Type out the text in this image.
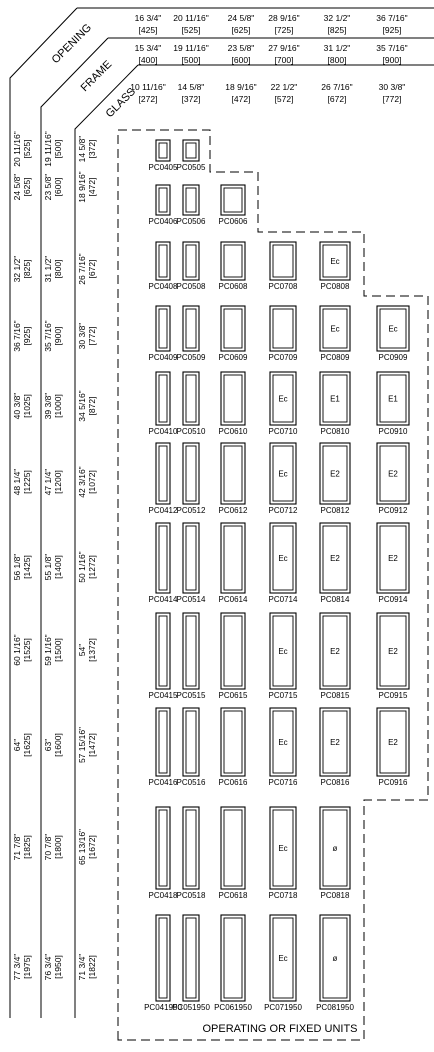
OPENING
FRAME
GLASS
16 3/4"
[425]
15 3/4"
[400]
10 11/16"
[272]
20 11/16"
[525]
19 11/16"
[500]
14 5/8"
[372]
24 5/8"
[625]
23 5/8"
[600]
18 9/16"
[472]
28 9/16"
[725]
27 9/16"
[700]
22 1/2"
[572]
32 1/2"
[825]
31 1/2"
[800]
26 7/16"
[672]
36 7/16"
[925]
35 7/16"
[900]
30 3/8"
[772]
20 11/16" [525] 19 11/16" [500] 14 5/8" [372]
24 5/8" [625] 23 5/8" [600] 18 9/16" [472]
32 1/2" [825] 31 1/2" [800] 26 7/16" [672]
36 7/16" [925] 35 7/16" [900] 30 3/8" [772]
40 3/8" [1025] 39 3/8" [1000] 34 5/16" [872]
48 1/4" [1225] 47 1/4" [1200] 42 3/16" [1072]
56 1/8" [1425] 55 1/8" [1400] 50 1/16" [1272]
60 1/16" [1525] 59 1/16" [1500] 54" [1372]
64" [1625] 63" [1600] 57 15/16" [1472]
71 7/8" [1825] 70 7/8" [1800] 65 13/16" [1672]
77 3/4" [1975] 76 3/4" [1950] 71 3/4" [1822]
PC0405 PC0505
PC0406 PC0506 PC0606
PC0408 PC0508 PC0608	PC0708
Ec
PC0808
PC0409 PC0509 PC0609	PC0709
Ec
PC0809
Ec
PC0909
PC0410 PC0510 PC0610
Ec
PC0710
E1
PC0810
E1
PC0910
PC0412 PC0512 PC0612
Ec
PC0712
E2
PC0812
E2
PC0912
PC0414 PC0514 PC0614
Ec
PC0714
E2
PC0814
E2
PC0914
PC0415 PC0515 PC0615
Ec
PC0715
E2
PC0815
E2
PC0915
PC0416 PC0516 PC0616
Ec
PC0716
E2
PC0816
E2
PC0916
PC0418 PC0518 PC0618
Ec
PC0718
ø
PC0818
PC041950
PC051950 PC061950
Ec
PC071950
ø
PC081950
OPERATING OR FIXED UNITS
